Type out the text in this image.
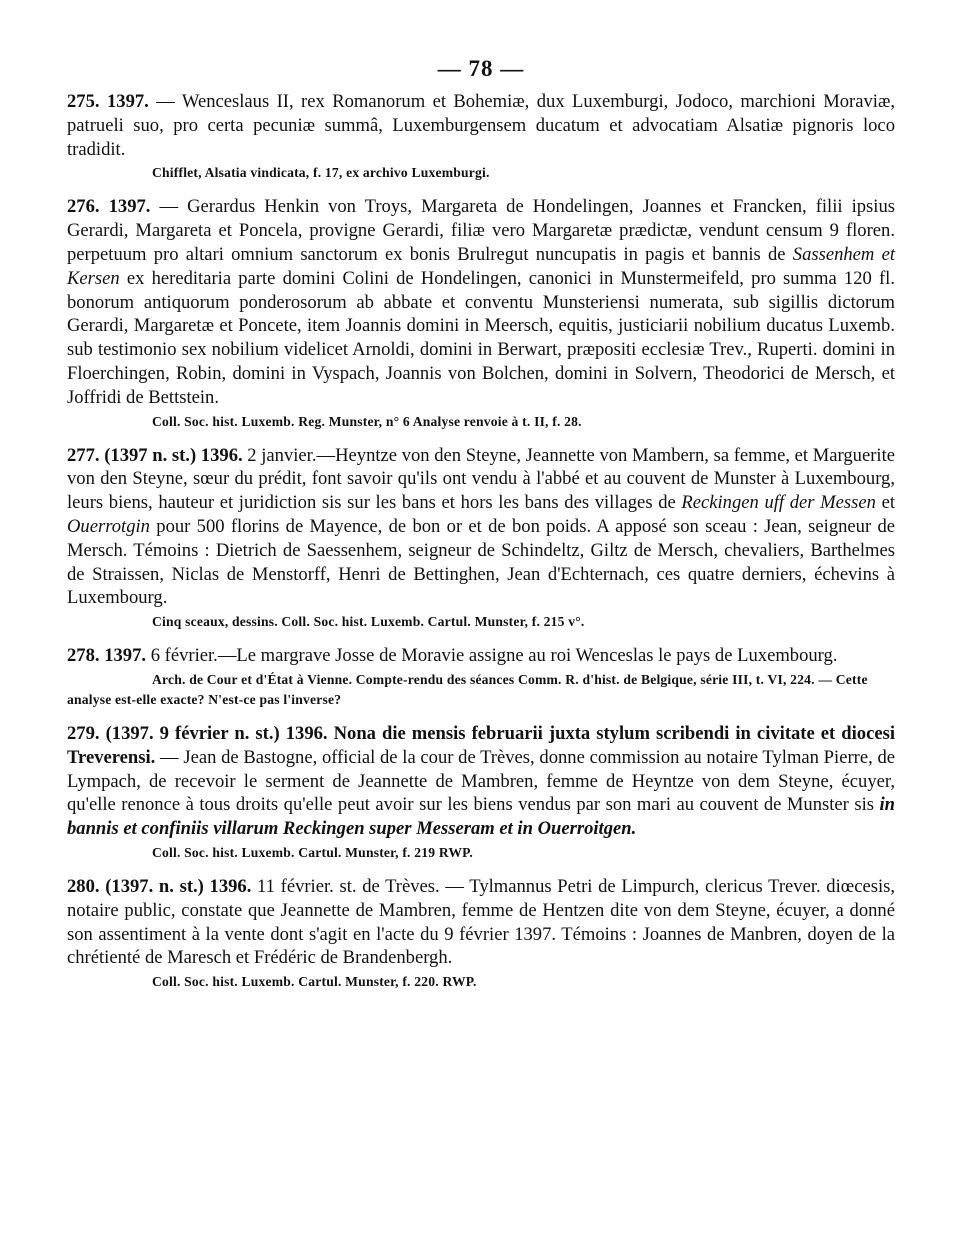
— 78 —

275. 1397. — Wenceslaus II, rex Romanorum et Bohemiæ, dux Luxemburgi, Jodoco, marchioni Moraviæ, patrueli suo, pro certa pecuniæ summâ, Luxemburgensem ducatum et advocatiam Alsatiæ pignoris loco tradidit.

Chifflet, Alsatia vindicata, f. 17, ex archivo Luxemburgi.

276. 1397. — Gerardus Henkin von Troys, Margareta de Hondelingen, Joannes et Francken, filii ipsius Gerardi, Margareta et Poncela, provigne Gerardi, filiæ vero Margaretæ prædictæ, vendunt censum 9 floren. perpetuum pro altari omnium sanctorum ex bonis Brulregut nuncupatis in pagis et bannis de Sassenhem et Kersen ex hereditaria parte domini Colini de Hondelingen, canonici in Munstermeifeld, pro summa 120 fl. bonorum antiquorum ponderosorum ab abbate et conventu Munsteriensi numerata, sub sigillis dictorum Gerardi, Margaretæ et Poncete, item Joannis domini in Meersch, equitis, justiciarii nobilium ducatus Luxemb. sub testimonio sex nobilium videlicet Arnoldi, domini in Berwart, præpositi ecclesiæ Trev., Ruperti. domini in Floerchingen, Robin, domini in Vyspach, Joannis von Bolchen, domini in Solvern, Theodorici de Mersch, et Joffridi de Bettstein.

Coll. Soc. hist. Luxemb. Reg. Munster, n° 6 Analyse renvoie à t. II, f. 28.

277. (1397 n. st.) 1396. 2 janvier.—Heyntze von den Steyne, Jeannette von Mambern, sa femme, et Marguerite von den Steyne, sœur du prédit, font savoir qu'ils ont vendu à l'abbé et au couvent de Munster à Luxembourg, leurs biens, hauteur et juridiction sis sur les bans et hors les bans des villages de Reckingen uff der Messen et Ouerrotgin pour 500 florins de Mayence, de bon or et de bon poids. A apposé son sceau : Jean, seigneur de Mersch. Témoins : Dietrich de Saessenhem, seigneur de Schindeltz, Giltz de Mersch, chevaliers, Barthelmes de Straissen, Niclas de Menstorff, Henri de Bettinghen, Jean d'Echternach, ces quatre derniers, échevins à Luxembourg.

Cinq sceaux, dessins. Coll. Soc. hist. Luxemb. Cartul. Munster, f. 215 v°.

278. 1397. 6 février.—Le margrave Josse de Moravie assigne au roi Wenceslas le pays de Luxembourg.

Arch. de Cour et d'État à Vienne. Compte-rendu des séances Comm. R. d'hist. de Belgique, série III, t. VI, 224. — Cette analyse est-elle exacte? N'est-ce pas l'inverse?

279. (1397. 9 février n. st.) 1396. Nona die mensis februarii juxta stylum scribendi in civitate et diocesi Treverensi. — Jean de Bastogne, official de la cour de Trèves, donne commission au notaire Tylman Pierre, de Lympach, de recevoir le serment de Jeannette de Mambren, femme de Heyntze von dem Steyne, écuyer, qu'elle renonce à tous droits qu'elle peut avoir sur les biens vendus par son mari au couvent de Munster sis in bannis et confiniis villarum Reckingen super Messeram et in Ouerroitgen.

Coll. Soc. hist. Luxemb. Cartul. Munster, f. 219 RWP.

280. (1397. n. st.) 1396. 11 février. st. de Trèves. — Tylmannus Petri de Limpurch, clericus Trever. diœcesis, notaire public, constate que Jeannette de Mambren, femme de Hentzen dite von dem Steyne, écuyer, a donné son assentiment à la vente dont s'agit en l'acte du 9 février 1397. Témoins : Joannes de Manbren, doyen de la chrétienté de Maresch et Frédéric de Brandenbergh.

Coll. Soc. hist. Luxemb. Cartul. Munster, f. 220. RWP.
